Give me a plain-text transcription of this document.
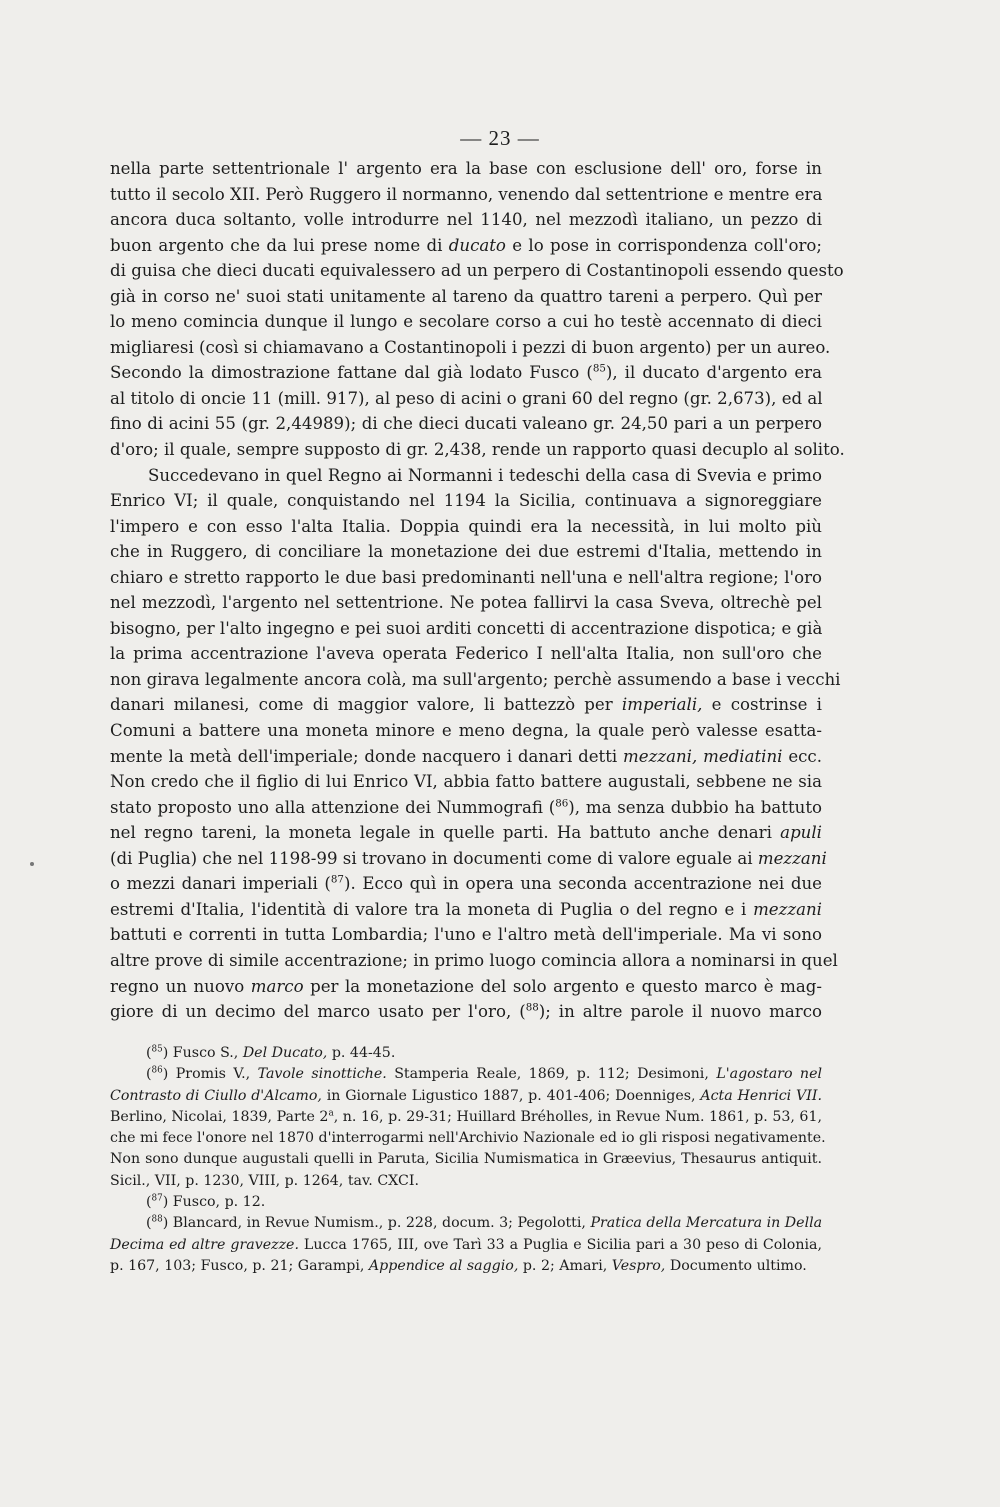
— 23 —
nella parte settentrionale l' argento era la base con esclusione dell' oro, forse in
tutto il secolo XII. Però Ruggero il normanno, venendo dal settentrione e mentre era
ancora duca soltanto, volle introdurre nel 1140, nel mezzodì italiano, un pezzo di
buon argento che da lui prese nome di ducato e lo pose in corrispondenza coll'oro;
di guisa che dieci ducati equivalessero ad un perpero di Costantinopoli essendo questo
già in corso ne' suoi stati unitamente al tareno da quattro tareni a perpero. Quì per
lo meno comincia dunque il lungo e secolare corso a cui ho testè accennato di dieci
migliaresi (così si chiamavano a Costantinopoli i pezzi di buon argento) per un aureo.
Secondo la dimostrazione fattane dal già lodato Fusco ($^{85}$), il ducato d'argento era
al titolo di oncie 11 (mill. 917), al peso di acini o grani 60 del regno (gr. 2,673), ed al
fino di acini 55 (gr. 2,44989); di che dieci ducati valeano gr. 24,50 pari a un perpero
d'oro; il quale, sempre supposto di gr. 2,438, rende un rapporto quasi decuplo al solito.
Succedevano in quel Regno ai Normanni i tedeschi della casa di Svevia e primo
Enrico VI; il quale, conquistando nel 1194 la Sicilia, continuava a signoreggiare
l'impero e con esso l'alta Italia. Doppia quindi era la necessità, in lui molto più
che in Ruggero, di conciliare la monetazione dei due estremi d'Italia, mettendo in
chiaro e stretto rapporto le due basi predominanti nell'una e nell'altra regione; l'oro
nel mezzodì, l'argento nel settentrione. Ne potea fallirvi la casa Sveva, oltrechè pel
bisogno, per l'alto ingegno e pei suoi arditi concetti di accentrazione dispotica; e già
la prima accentrazione l'aveva operata Federico I nell'alta Italia, non sull'oro che
non girava legalmente ancora colà, ma sull'argento; perchè assumendo a base i vecchi
danari milanesi, come di maggior valore, li battezzò per imperiali, e costrinse i
Comuni a battere una moneta minore e meno degna, la quale però valesse esatta-
mente la metà dell'imperiale; donde nacquero i danari detti mezzani, mediatini ecc.
Non credo che il figlio di lui Enrico VI, abbia fatto battere augustali, sebbene ne sia
stato proposto uno alla attenzione dei Nummografi ($^{86}$), ma senza dubbio ha battuto
nel regno tareni, la moneta legale in quelle parti. Ha battuto anche denari apuli
(di Puglia) che nel 1198-99 si trovano in documenti come di valore eguale ai mezzani
o mezzi danari imperiali ($^{87}$). Ecco quì in opera una seconda accentrazione nei due
estremi d'Italia, l'identità di valore tra la moneta di Puglia o del regno e i mezzani
battuti e correnti in tutta Lombardia; l'uno e l'altro metà dell'imperiale. Ma vi sono
altre prove di simile accentrazione; in primo luogo comincia allora a nominarsi in quel
regno un nuovo marco per la monetazione del solo argento e questo marco è mag-
giore di un decimo del marco usato per l'oro, ($^{88}$); in altre parole il nuovo marco
($^{85}$) Fusco S., Del Ducato, p. 44-45.
($^{86}$) Promis V., Tavole sinottiche. Stamperia Reale, 1869, p. 112; Desimoni, L'agostaro nel
Contrasto di Ciullo d'Alcamo, in Giornale Ligustico 1887, p. 401-406; Doenniges, Acta Henrici VII.
Berlino, Nicolai, 1839, Parte 2$^a$, n. 16, p. 29-31; Huillard Bréholles, in Revue Num. 1861, p. 53, 61,
che mi fece l'onore nel 1870 d'interrogarmi nell'Archivio Nazionale ed io gli risposi negativamente.
Non sono dunque augustali quelli in Paruta, Sicilia Numismatica in Græevius, Thesaurus antiquit.
Sicil., VII, p. 1230, VIII, p. 1264, tav. CXCI.
($^{87}$) Fusco, p. 12.
($^{88}$) Blancard, in Revue Numism., p. 228, docum. 3; Pegolotti, Pratica della Mercatura in Della
Decima ed altre gravezze. Lucca 1765, III, ove Tarì 33 a Puglia e Sicilia pari a 30 peso di Colonia,
p. 167, 103; Fusco, p. 21; Garampi, Appendice al saggio, p. 2; Amari, Vespro, Documento ultimo.
